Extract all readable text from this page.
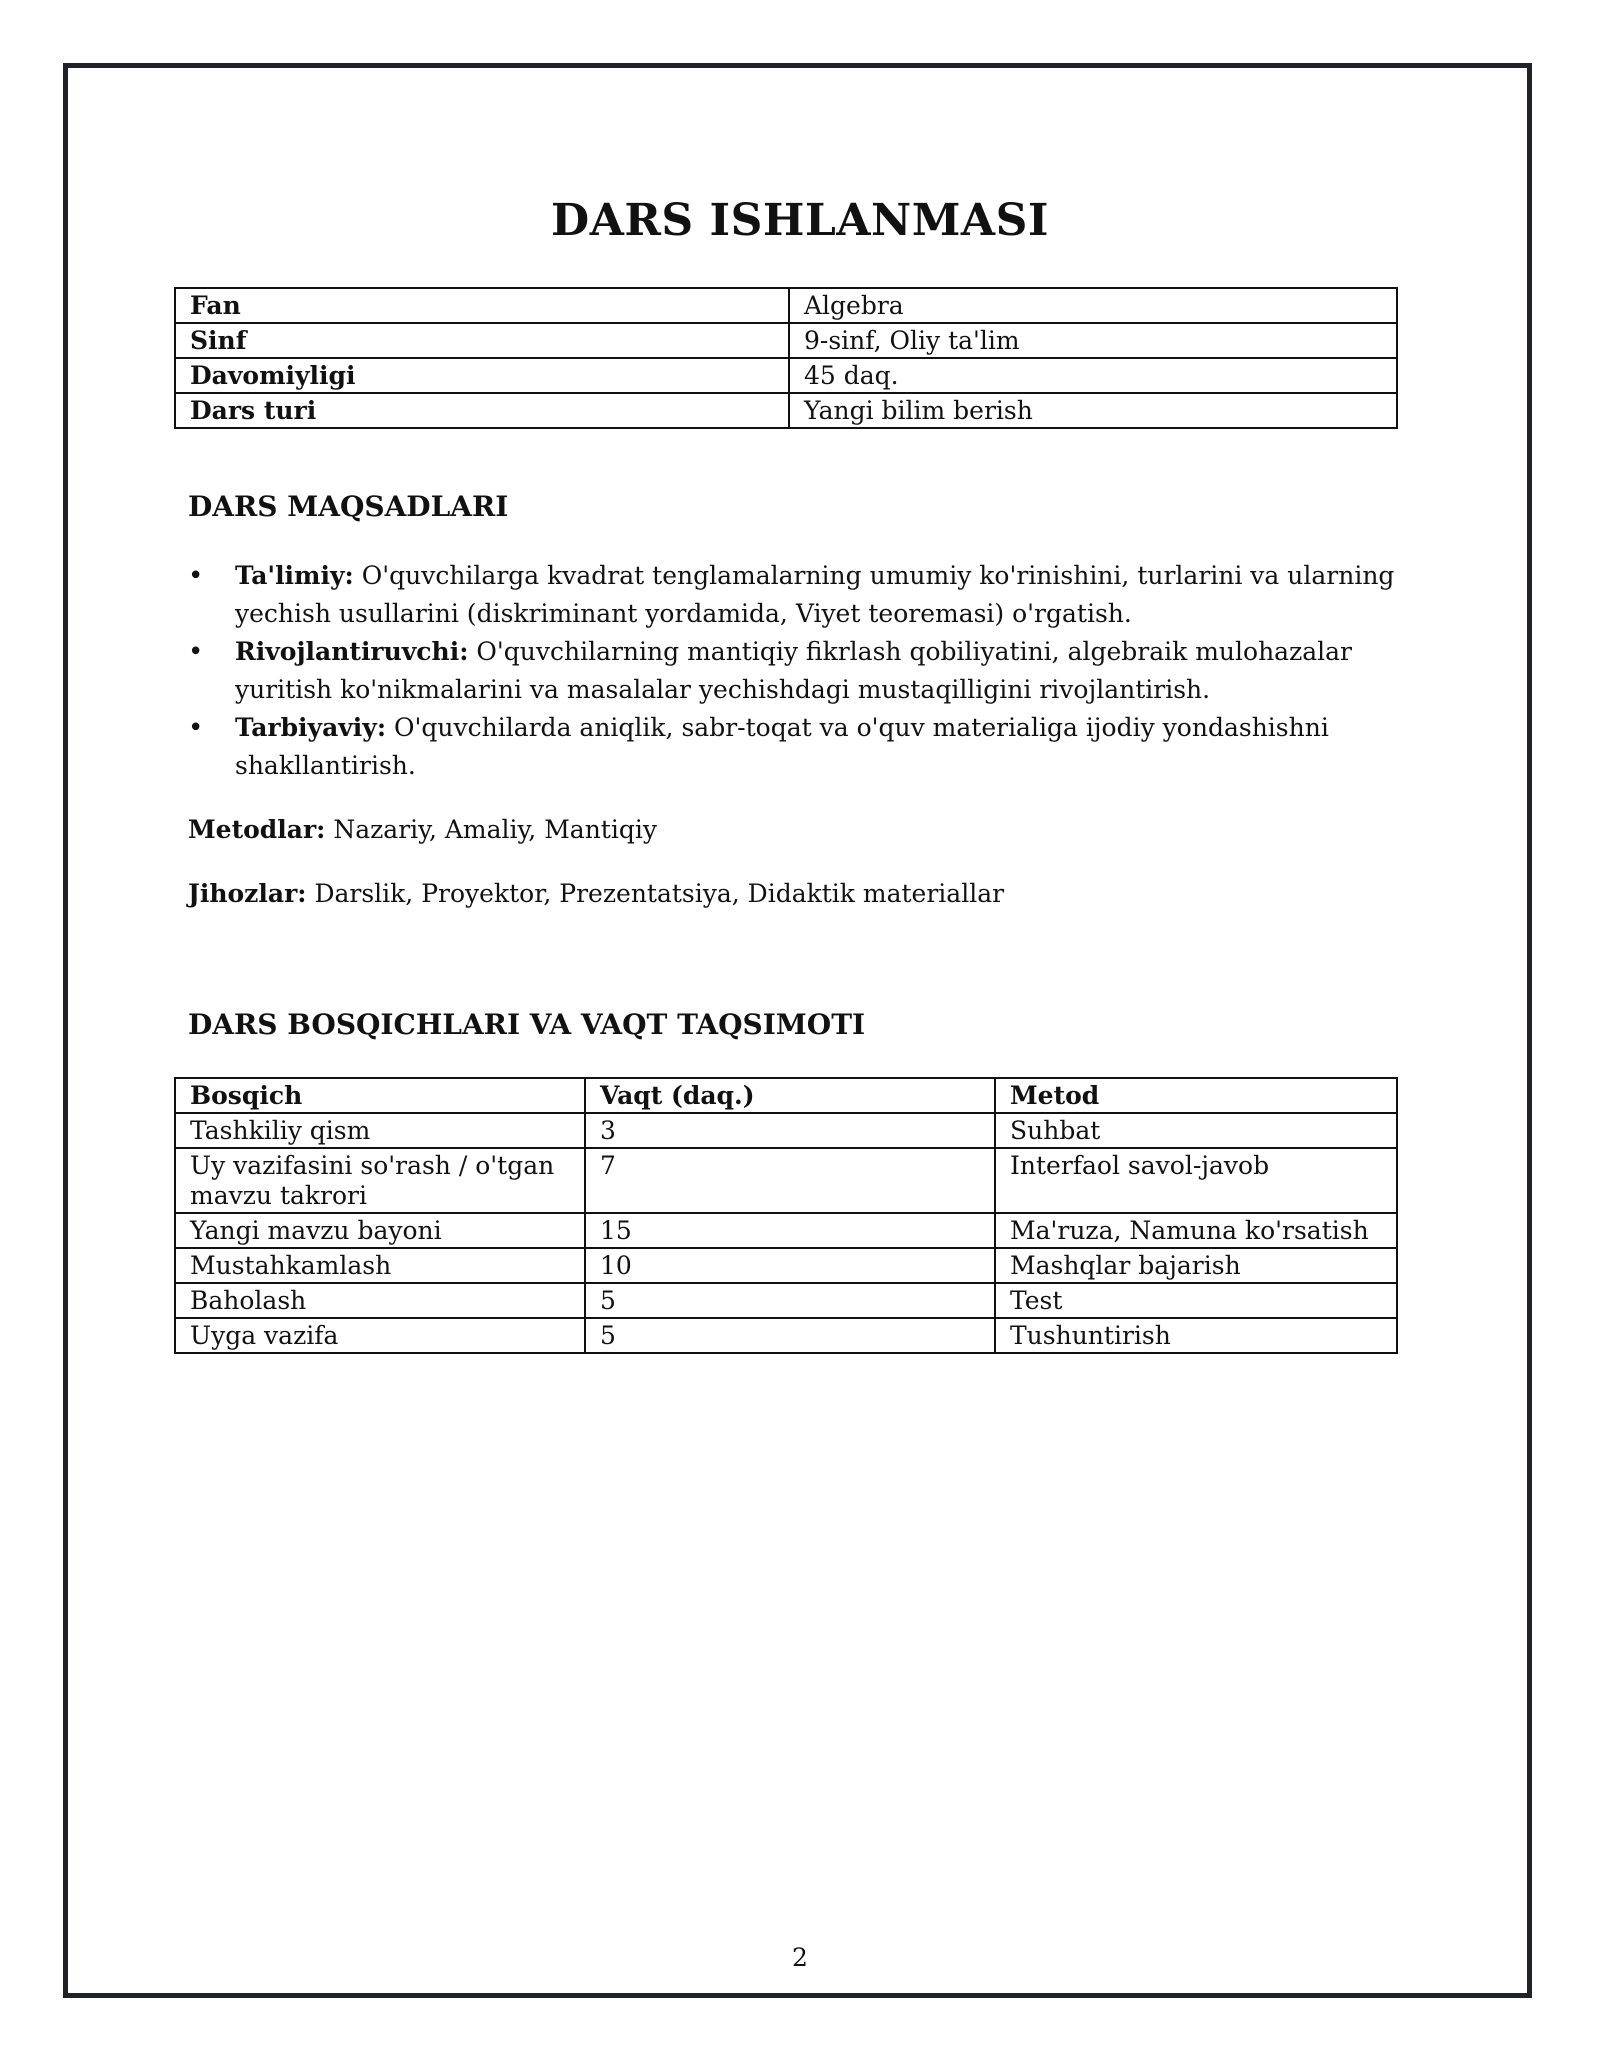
DARS ISHLANMASI
Fan	Algebra
Sinf	9-sinf, Oliy ta'lim
Davomiyligi	45 daq.
Dars turi	Yangi bilim berish
DARS MAQSADLARI
• Ta'limiy: O'quvchilarga kvadrat tenglamalarning umumiy ko'rinishini, turlarini va ularning yechish usullarini (diskriminant yordamida, Viyet teoremasi) o'rgatish.
• Rivojlantiruvchi: O'quvchilarning mantiqiy fikrlash qobiliyatini, algebraik mulohazalar yuritish ko'nikmalarini va masalalar yechishdagi mustaqilligini rivojlantirish.
• Tarbiyaviy: O'quvchilarda aniqlik, sabr-toqat va o'quv materialiga ijodiy yondashishni shakllantirish.
Metodlar: Nazariy, Amaliy, Mantiqiy
Jihozlar: Darslik, Proyektor, Prezentatsiya, Didaktik materiallar
DARS BOSQICHLARI VA VAQT TAQSIMOTI
Bosqich	Vaqt (daq.)	Metod
Tashkiliy qism	3	Suhbat
Uy vazifasini so'rash / o'tgan mavzu takrori	7	Interfaol savol-javob
Yangi mavzu bayoni	15	Ma'ruza, Namuna ko'rsatish
Mustahkamlash	10	Mashqlar bajarish
Baholash	5	Test
Uyga vazifa	5	Tushuntirish
2
